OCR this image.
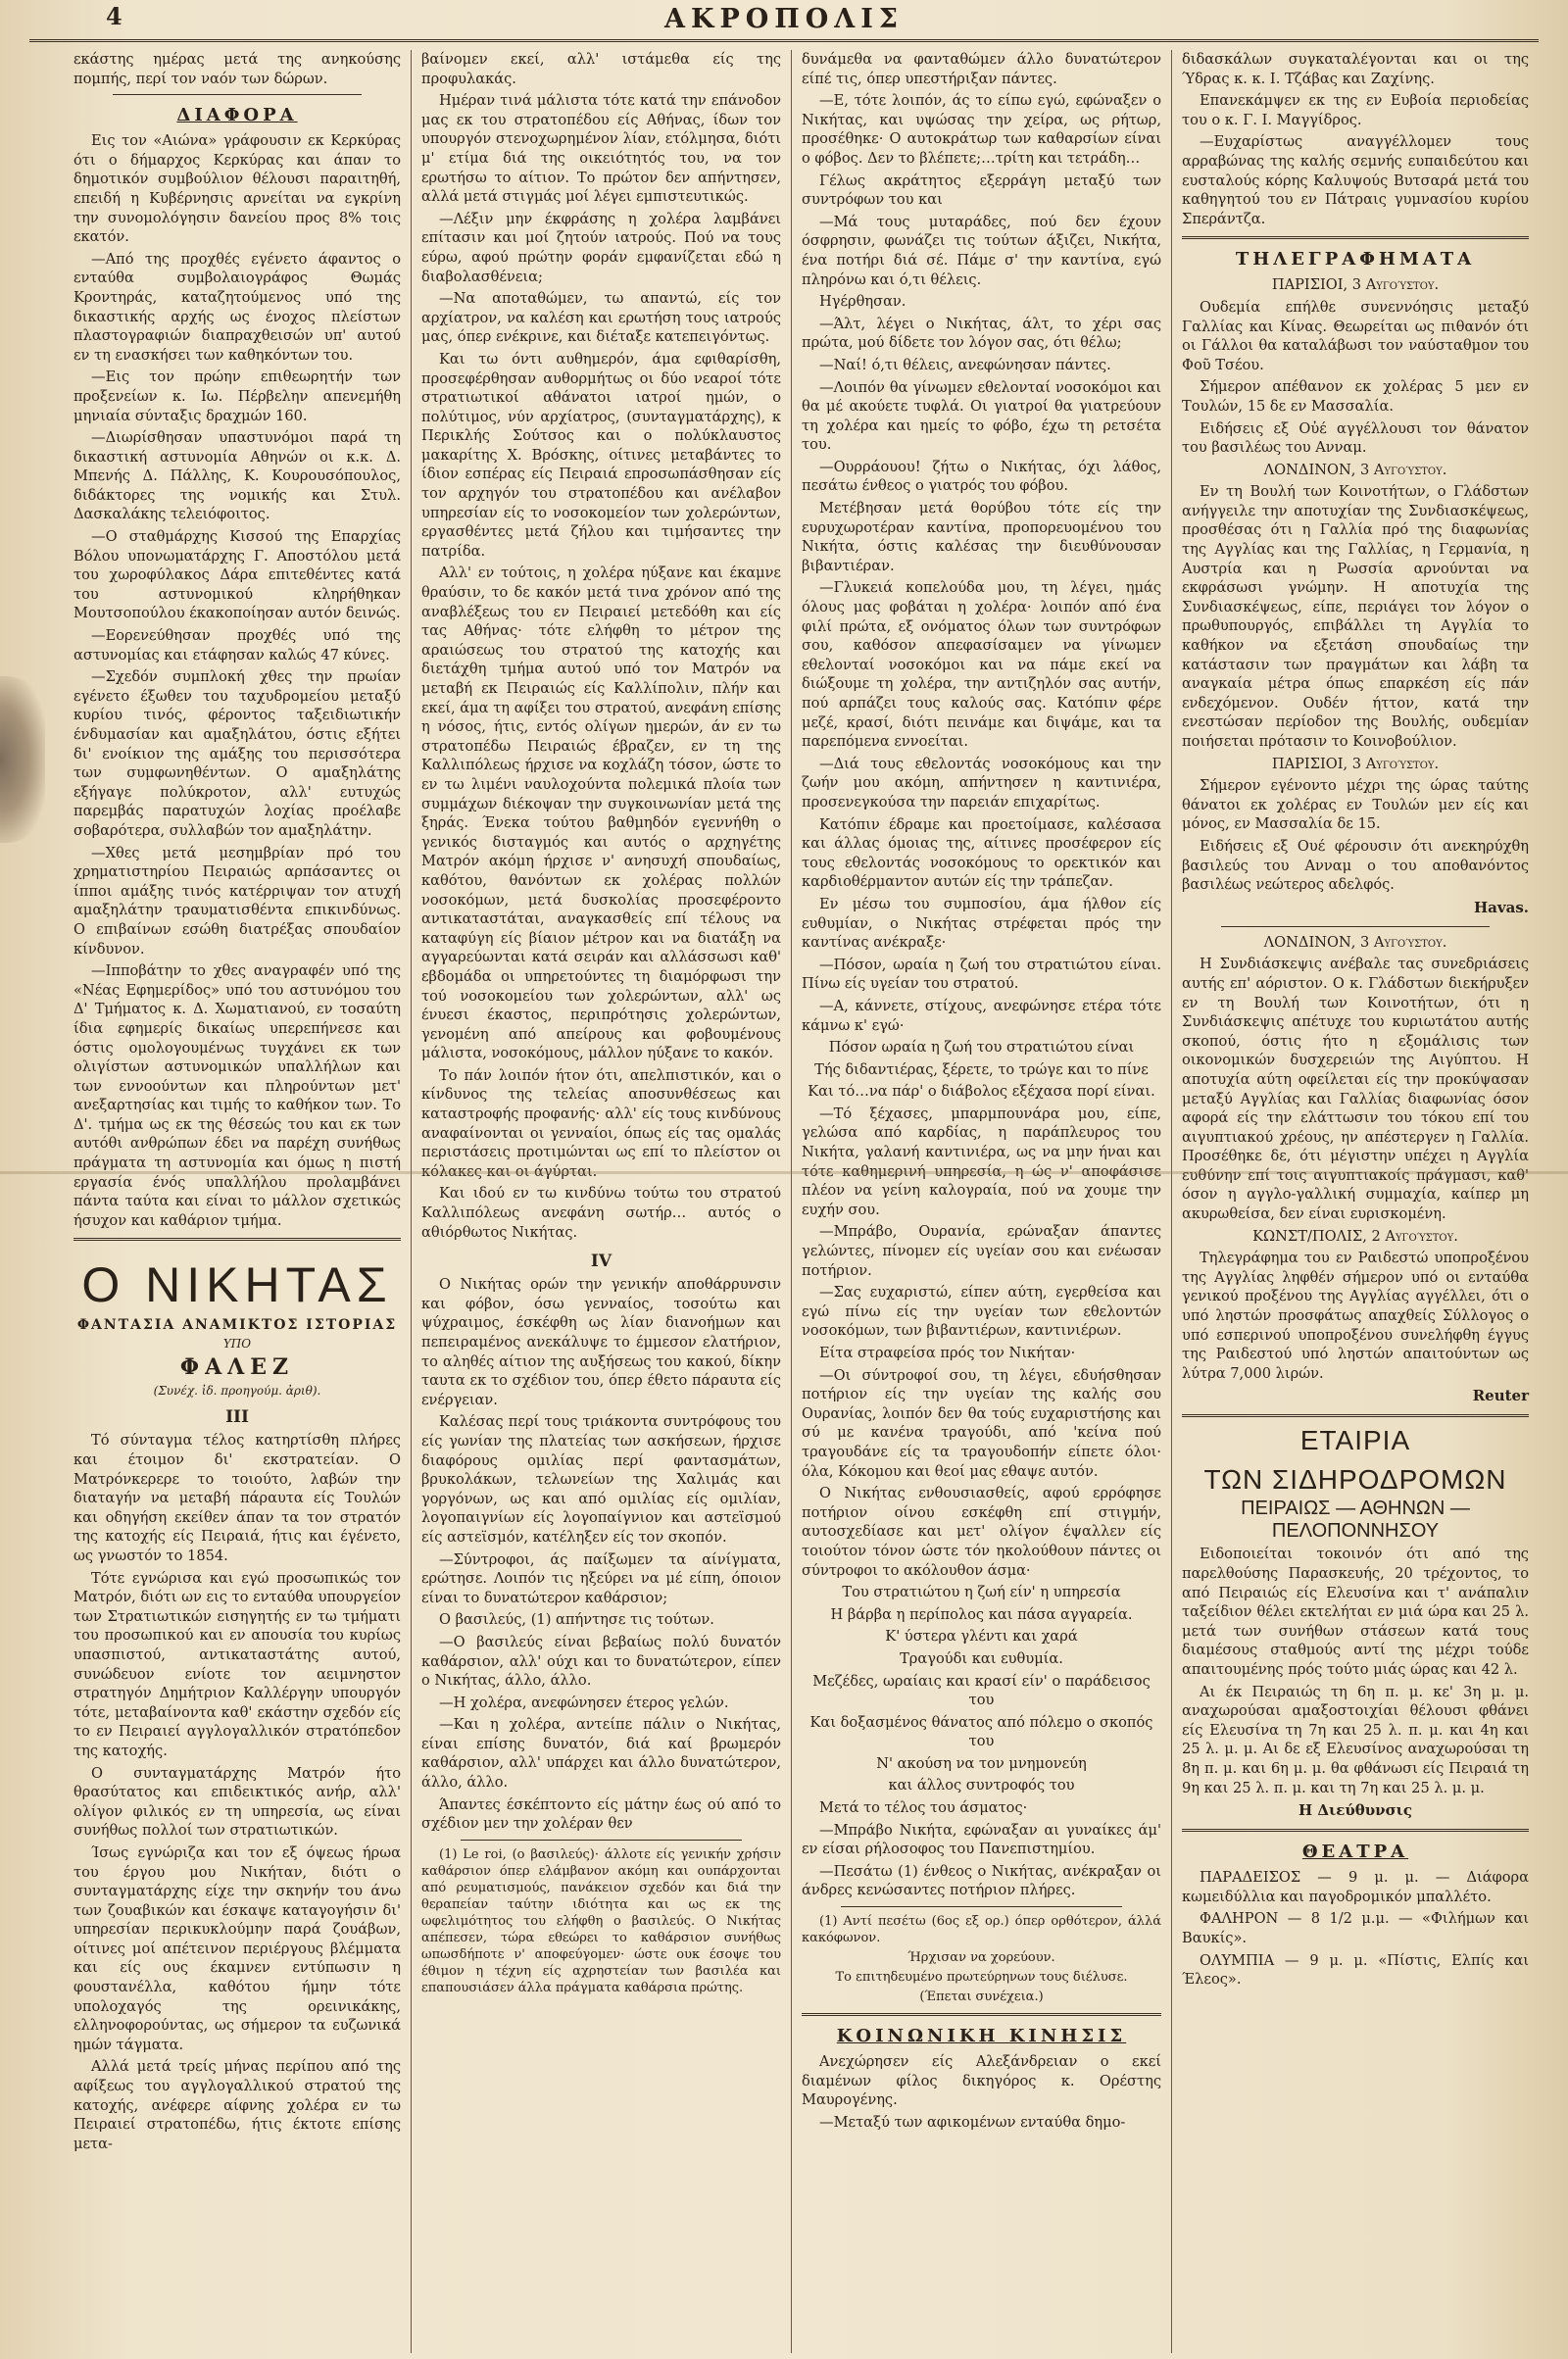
4	ΑΚΡΟΠΟΛΙΣ

εκάστης ημέρας μετά της ανηκούσης πομπής, περί τον ναόν των δώρων.

ΔΙΑΦΟΡΑ

Εις τον «Αιώνα» γράφουσιν εκ Κερκύρας ότι ο δήμαρχος Κερκύρας και άπαν το δημοτικόν συμβούλιον θέλουσι παραιτηθή, επειδή η Κυβέρνησις αρνείται να εγκρίνη την συνομολόγησιν δανείου προς 8% τοις εκατόν.

—Από της προχθές εγένετο άφαντος ο ενταύθα συμβολαιογράφος Θωμάς Κροντηράς, καταζητούμενος υπό της δικαστικής αρχής ως ένοχος πλείστων πλαστογραφιών διαπραχθεισών υπ' αυτού εν τη ενασκήσει των καθηκόντων του.

—Εις τον πρώην επιθεωρητήν των προξενείων κ. Ιω. Πέρβελην απενεμήθη μηνιαία σύνταξις δραχμών 160.

—Διωρίσθησαν υπαστυνόμοι παρά τη δικαστική αστυνομία Αθηνών οι κ.κ. Δ. Μπενής Δ. Πάλλης, Κ. Κουρουσόπουλος, διδάκτορες της νομικής και Στυλ. Δασκαλάκης τελειόφοιτος.

—Ο σταθμάρχης Κισσού της Επαρχίας Βόλου υπονωματάρχης Γ. Αποστόλου μετά του χωροφύλακος Δάρα επιτεθέντες κατά του αστυνομικού κληρήθηκαν Μουτσοπούλου έκακοποίησαν αυτόν δεινώς.

—Εορενεύθησαν προχθές υπό της αστυνομίας και ετάφησαν καλώς 47 κύνες.

—Σχεδόν συμπλοκή χθες την πρωίαν εγένετο έξωθεν του ταχυδρομείου μεταξύ κυρίου τινός, φέροντος ταξειδιωτικήν ένδυμασίαν και αμαξηλάτου, όστις εξήτει δι' ενοίκιον της αμάξης του περισσότερα των συμφωνηθέντων. Ο αμαξηλάτης εξήγαγε πολύκροτον, αλλ' ευτυχώς παρεμβάς παρατυχών λοχίας προέλαβε σοβαρότερα, συλλαβών τον αμαξηλάτην.

—Χθες μετά μεσημβρίαν πρό του χρηματιστηρίου Πειραιώς αρπάσαντες οι ίπποι αμάξης τινός κατέρριψαν τον ατυχή αμαξηλάτην τραυματισθέντα επικινδύνως. Ο επιβαίνων εσώθη διατρέξας σπουδαίον κίνδυνον.

—Ιπποβάτην το χθες αναγραφέν υπό της «Νέας Εφημερίδος» υπό του αστυνόμου του Δ' Τμήματος κ. Δ. Χωματιανού, εν τοσαύτη ίδια εφημερίς δικαίως υπερεπήνεσε και όστις ομολογουμένως τυγχάνει εκ των ολιγίστων αστυνομικών υπαλλήλων και των εννοούντων και πληρούντων μετ' ανεξαρτησίας και τιμής το καθήκον των. Το Δ'. τμήμα ως εκ της θέσεώς του και εκ των αυτόθι ανθρώπων έδει να παρέχη συνήθως πράγματα τη αστυνομία και όμως η πιστή εργασία ένός υπαλλήλου προλαμβάνει πάντα ταύτα και είναι το μάλλον σχετικώς ήσυχον και καθάριον τμήμα.

Ο ΝΙΚΗΤΑΣ
ΦΑΝΤΑΣΙΑ ΑΝΑΜΙΚΤΟΣ ΙΣΤΟΡΙΑΣ
ΥΠΟ
ΦΑΛΕΖ
(Συνέχ. ἰδ. προηγούμ. ἀριθ).
III

Τό σύνταγμα τέλος κατηρτίσθη πλήρες και έτοιμον δι' εκστρατείαν. Ο Ματρόνκερερε το τοιούτο, λαβών την διαταγήν να μεταβή πάραυτα είς Τουλών και οδηγήση εκείθεν άπαν τα τον στρατόν της κατοχής είς Πειραιά, ήτις και έγένετο, ως γνωστόν το 1854.

Τότε εγνώρισα και εγώ προσωπικώς τον Ματρόν, διότι ων εις το ενταύθα υπουργείον των Στρατιωτικών εισηγητής εν τω τμήματι του προσωπικού και εν απουσία του κυρίως υπασπιστού, αντικαταστάτης αυτού, συνώδευον ενίοτε τον αειμνηστον στρατηγόν Δημήτριον Καλλέργην υπουργόν τότε, μεταβαίνοντα καθ' εκάστην σχεδόν είς το εν Πειραιεί αγγλογαλλικόν στρατόπεδον της κατοχής.

Ο συνταγματάρχης Ματρόν ήτο θρασύτατος και επιδεικτικός ανήρ, αλλ' ολίγον φιλικός εν τη υπηρεσία, ως είναι συνήθως πολλοί των στρατιωτικών.

Ίσως εγνώριζα και τον εξ όψεως ήρωα του έργου μου Νικήταν, διότι ο συνταγματάρχης είχε την σκηνήν του άνω των ζουαβικών και έσκαψε καταγογήσιν δι' υπηρεσίαν περικυκλούμην παρά ζουάβων, οίτινες μοί απέτεινον περιέργους βλέμματα και είς ους έκαμνεν εντύπωσιν η φουστανέλλα, καθότου ήμην τότε υπολοχαγός της ορεινικάκης, ελληνοφορούντας, ως σήμερον τα ευζωνικά ημών τάγματα.

Αλλά μετά τρείς μήνας περίπου από της αφίξεως του αγγλογαλλικού στρατού της κατοχής, ανέφερε αίφνης χολέρα εν τω Πειραιεί στρατοπέδω, ήτις έκτοτε επίσης μετα-

βαίνομεν εκεί, αλλ' ιστάμεθα είς της προφυλακάς.

Ημέραν τινά μάλιστα τότε κατά την επάνοδον μας εκ του στρατοπέδου είς Αθήνας, ίδων τον υπουργόν στενοχωρημένον λίαν, ετόλμησα, διότι μ' ετίμα διά της οικειότητός του, να τον ερωτήσω το αίτιον. Το πρώτον δεν απήντησεν, αλλά μετά στιγμάς μοί λέγει εμπιστευτικώς.

—Λέξιν μην έκφράσης η χολέρα λαμβάνει επίτασιν και μοί ζητούν ιατρούς. Πού να τους εύρω, αφού πρώτην φοράν εμφανίζεται εδώ η διαβολασθένεια;

—Να αποταθώμεν, τω απαντώ, είς τον αρχίατρον, να καλέση και ερωτήση τους ιατρούς μας, όπερ ενέκρινε, και διέταξε κατεπειγόντως.

Και τω όντι αυθημερόν, άμα εφιθαρίσθη, προσεφέρθησαν αυθορμήτως οι δύο νεαροί τότε στρατιωτικοί αθάνατοι ιατροί ημών, ο πολύτιμος, νύν αρχίατρος, (συνταγματάρχης), κ Περικλής Σούτσος και ο πολύκλαυστος μακαρίτης Χ. Βρόσκης, οίτινες μεταβάντες το ίδιον εσπέρας είς Πειραιά επροσωπάσθησαν είς τον αρχηγόν του στρατοπέδου και ανέλαβον υπηρεσίαν είς το νοσοκομείον των χολερώντων, εργασθέντες μετά ζήλου και τιμήσαντες την πατρίδα.

Αλλ' εν τούτοις, η χολέρα ηύξανε και έκαμνε θραύσιν, το δε κακόν μετά τινα χρόνον από της αναβλέξεως του εν Πειραιεί μετεδόθη και είς τας Αθήνας· τότε ελήφθη το μέτρον της αραιώσεως του στρατού της κατοχής και διετάχθη τμήμα αυτού υπό τον Ματρόν να μεταβή εκ Πειραιώς είς Καλλίπολιν, πλήν και εκεί, άμα τη αφίξει του στρατού, ανεφάνη επίσης η νόσος, ήτις, εντός ολίγων ημερών, άν εν τω στρατοπέδω Πειραιώς έβραζεν, εν τη της Καλλιπόλεως ήρχισε να κοχλάζη τόσον, ώστε το εν τω λιμένι ναυλοχούντα πολεμικά πλοία των συμμάχων διέκοψαν την συγκοινωνίαν μετά της ξηράς. Ένεκα τούτου βαθμηδόν εγεννήθη ο γενικός δισταγμός και αυτός ο αρχηγέτης Ματρόν ακόμη ήρχισε ν' ανησυχή σπουδαίως, καθότου, θανόντων εκ χολέρας πολλών νοσοκόμων, μετά δυσκολίας προσεφέροντο αντικαταστάται, αναγκασθείς επί τέλους να καταφύγη είς βίαιον μέτρον και να διατάξη να αγγαρεύωνται κατά σειράν και αλλάσσωσι καθ' εβδομάδα οι υπηρετούντες τη διαμόρφωσι την τού νοσοκομείου των χολερώντων, αλλ' ως ένυεσι έκαστος, περιπρότησις χολερώντων, γενομένη από απείρους και φοβουμένους μάλιστα, νοσοκόμους, μάλλον ηύξανε το κακόν.

Το πάν λοιπόν ήτον ότι, απελπιστικόν, και ο κίνδυνος της τελείας αποσυνθέσεως και καταστροφής προφανής· αλλ' είς τους κινδύνους αναφαίνονται οι γενναίοι, όπως είς τας ομαλάς περιστάσεις προτιμώνται ως επί το πλείστον οι κόλακες και οι άγύρται.

Και ιδού εν τω κινδύνω τούτω του στρατού Καλλιπόλεως ανεφάνη σωτήρ… αυτός ο αθιόρθωτος Νικήτας.

IV

Ο Νικήτας ορών την γενικήν αποθάρρυνσιν και φόβον, όσω γενναίος, τοσούτω και ψύχραιμος, έσκέφθη ως λίαν διανοήμων και πεπειραμένος ανεκάλυψε το έμμεσον ελατήριον, το αληθές αίτιον της αυξήσεως του κακού, δίκην ταυτα εκ το σχέδιον του, όπερ έθετο πάραυτα είς ενέργειαν.

Καλέσας περί τους τριάκοντα συντρόφους του είς γωνίαν της πλατείας των ασκήσεων, ήρχισε διαφόρους ομιλίας περί φαντασμάτων, βρυκολάκων, τελωνείων της Χαλιμάς και γοργόνων, ως και από ομιλίας είς ομιλίαν, λογοπαιγνίων είς λογοπαίγνιον και αστεϊσμού είς αστεϊσμόν, κατέληξεν είς τον σκοπόν.

—Σύντροφοι, άς παίξωμεν τα αίνίγματα, ερώτησε. Λοιπόν τις ηξεύρει να μέ είπη, όποιον είναι το δυνατώτερον καθάρσιον;

Ο βασιλεύς, (1) απήντησε τις τούτων.

—Ο βασιλεύς είναι βεβαίως πολύ δυνατόν καθάρσιον, αλλ' ούχι και το δυνατώτερον, είπεν ο Νικήτας, άλλο, άλλο.

—Η χολέρα, ανεφώνησεν έτερος γελών.

—Και η χολέρα, αντείπε πάλιν ο Νικήτας, είναι επίσης δυνατόν, διά καί βρωμερόν καθάρσιον, αλλ' υπάρχει και άλλο δυνατώτερον, άλλο, άλλο.

Άπαντες έσκέπτοντο είς μάτην έως ού από το σχέδιον μεν την χολέραν θεν

(1) Le roi, (ο βασιλεύς)· άλλοτε είς γενικήν χρήσιν καθάρσιον όπερ ελάμβανον ακόμη και ουπάρχονται από ρευματισμούς, πανάκειον σχεδόν και διά την θεραπείαν ταύτην ιδιότητα και ως εκ της ωφελιμότητος του ελήφθη ο βασιλεύς. Ο Νικήτας απέπεσεν, τώρα εθεώρει το καθάρσιον συνήθως ωπωσδήποτε ν' αποφεύγομεν· ώστε ουκ έσοψε του έθιμον η τέχνη είς αχρηστείαν των βασιλέα και επαπουσιάσεν άλλα πράγματα καθάρσια πρώτης.

δυνάμεθα να φανταθώμεν άλλο δυνατώτερον είπέ τις, όπερ υπεστήριξαν πάντες.

—Ε, τότε λοιπόν, άς το είπω εγώ, εφώναξεν ο Νικήτας, και υψώσας την χείρα, ως ρήτωρ, προσέθηκε· Ο αυτοκράτωρ των καθαρσίων είναι ο φόβος. Δεν το βλέπετε;…τρίτη και τετράδη…

Γέλως ακράτητος εξερράγη μεταξύ των συντρόφων του και

—Μά τους μυταράδες, πού δεν έχουν όσφρησιν, φωνάζει τις τούτων άξιζει, Νικήτα, ένα ποτήρι διά σέ. Πάμε σ' την καντίνα, εγώ πληρόνω και ό,τι θέλεις.

Ηγέρθησαν.

—Άλτ, λέγει ο Νικήτας, άλτ, το χέρι σας πρώτα, μού δίδετε τον λόγον σας, ότι θέλω;

—Ναί! ό,τι θέλεις, ανεφώνησαν πάντες.

—Λοιπόν θα γίνωμεν εθελονταί νοσοκόμοι και θα μέ ακούετε τυφλά. Οι γιατροί θα γιατρεύουν τη χολέρα και ημείς το φόβο, έχω τη ρετσέτα του.

—Ουρράουου! ζήτω ο Νικήτας, όχι λάθος, πεσάτω ένθεος ο γιατρός του φόβου.

Μετέβησαν μετά θορύβου τότε είς την ευρυχωροτέραν καντίνα, προπορευομένου του Νικήτα, όστις καλέσας την διευθύνουσαν βιβαντιέραν.

—Γλυκειά κοπελούδα μου, τη λέγει, ημάς όλους μας φοβάται η χολέρα· λοιπόν από ένα φιλί πρώτα, εξ ονόματος όλων των συντρόφων σου, καθόσον απεφασίσαμεν να γίνωμεν εθελονταί νοσοκόμοι και να πάμε εκεί να διώξουμε τη χολέρα, την αντιζηλόν σας αυτήν, πού αρπάζει τους καλούς σας. Κατόπιν φέρε μεζέ, κρασί, διότι πεινάμε και διψάμε, και τα παρεπόμενα εννοείται.

—Διά τους εθελοντάς νοσοκόμους και την ζωήν μου ακόμη, απήντησεν η καντινιέρα, προσενεγκούσα την παρειάν επιχαρίτως.

Κατόπιν έδραμε και προετοίμασε, καλέσασα και άλλας όμοιας της, αίτινες προσέφερον είς τους εθελοντάς νοσοκόμους το ορεκτικόν και καρδιοθέρμαντον αυτών είς την τράπεζαν.

Εν μέσω του συμποσίου, άμα ήλθον είς ευθυμίαν, ο Νικήτας στρέφεται πρός την καντίνας ανέκραξε·

—Πόσον, ωραία η ζωή του στρατιώτου είναι. Πίνω είς υγείαν του στρατού.

—Α, κάννετε, στίχους, ανεφώνησε ετέρα τότε κάμνω κ' εγώ·

Πόσον ωραία η ζωή του στρατιώτου είναι

Τής διδαντιέρας, ξέρετε, το τρώγε και το πίνε

Και τό…να πάρ' ο διάβολος εξέχασα πορί είναι.

—Τό ξέχασες, μπαρμπουνάρα μου, είπε, γελώσα από καρδίας, η παράπλευρος του Νικήτα, γαλανή καντινιέρα, ως να μην ήναι και τότε καθημερινή υπηρεσία, η ώς ν' αποφάσισε πλέον να γείνη καλογραία, πού να χουμε την ευχήν σου.

—Μπράβο, Ουρανία, ερώναξαν άπαντες γελώντες, πίνομεν είς υγείαν σου και ενέωσαν ποτήριον.

—Σας ευχαριστώ, είπεν αύτη, εγερθείσα και εγώ πίνω είς την υγείαν των εθελοντών νοσοκόμων, των βιβαντιέρων, καντινιέρων.

Είτα στραφείσα πρός τον Νικήταν·

—Οι σύντροφοί σου, τη λέγει, εδυήσθησαν ποτήριον είς την υγείαν της καλής σου Ουρανίας, λοιπόν δεν θα τούς ευχαριστήσης και σύ με κανένα τραγούδι, από 'κείνα πού τραγουδάνε είς τα τραγουδοπήν είπετε όλοι· όλα, Κόκομου και θεοί μας εθαψε αυτόν.

Ο Νικήτας ενθουσιασθείς, αφού ερρόφησε ποτήριον οίνου εσκέφθη επί στιγμήν, αυτοσχεδίασε και μετ' ολίγον έψαλλεν είς τοιούτον τόνον ώστε τόν ηκολούθουν πάντες οι σύντροφοι το ακόλουθον άσμα·

Του στρατιώτου η ζωή είν' η υπηρεσία

Η βάρβα η περίπολος και πάσα αγγαρεία.

Κ' ύστερα γλέντι και χαρά

Τραγούδι και ευθυμία.

Μεζέδες, ωραίαις και κρασί είν' ο παράδεισος του

Και δοξασμένος θάνατος από πόλεμο ο σκοπός του

Ν' ακούση να τον μνημονεύη

και άλλος συντροφός του

Μετά το τέλος του άσματος·

—Μπράβο Νικήτα, εφώναξαν αι γυναίκες άμ' εν είσαι ρήλοσοφος του Πανεπιστημίου.

—Πεσάτω (1) ένθεος ο Νικήτας, ανέκραξαν οι άνδρες κενώσαντες ποτήριον πλήρες.

(1) Αντί πεσέτω (6ος εξ ορ.) όπερ ορθότερον, άλλά κακόφωνον.

Ήρχισαν να χορεύουν.

Το επιτηδευμένο πρωτεύρηνων τους διέλυσε.

(Έπεται συνέχεια.)

ΚΟΙΝΩΝΙΚΗ ΚΙΝΗΣΙΣ

Ανεχώρησεν είς Αλεξάνδρειαν ο εκεί διαμένων φίλος δικηγόρος κ. Ορέστης Μαυρογένης.

—Μεταξύ των αφικομένων ενταύθα δημο-

διδασκάλων συγκαταλέγονται και οι της Ύδρας κ. κ. Ι. Τζάβας και Ζαχίνης.

Επανεκάμψεν εκ της εν Ευβοία περιοδείας του ο κ. Γ. Ι. Μαγγίδρος.

—Ευχαρίστως αναγγέλλομεν τους αρραβώνας της καλής σεμνής ευπαιδεύτου και ευσταλούς κόρης Καλυψούς Βυτσαρά μετά του καθηγητού του εν Πάτραις γυμνασίου κυρίου Σπεράντζα.

ΤΗΛΕΓΡΑΦΗΜΑΤΑ

ΠΑΡΙΣΙΟΙ, 3 Αυγούστου.

Ουδεμία επήλθε συνεννόησις μεταξύ Γαλλίας και Κίνας. Θεωρείται ως πιθανόν ότι οι Γάλλοι θα καταλάβωσι τον ναύσταθμον του Φοῦ Τσέου.

Σήμερον απέθανον εκ χολέρας 5 μεν εν Τουλών, 15 δε εν Μασσαλία.

Ειδήσεις εξ Οὐέ αγγέλλουσι τον θάνατον του βασιλέως του Ανναμ.

ΛΟΝΔΙΝΟΝ, 3 Αυγούστου.

Εν τη Βουλή των Κοινοτήτων, ο Γλάδστων ανήγγειλε την αποτυχίαν της Συνδιασκέψεως, προσθέσας ότι η Γαλλία πρό της διαφωνίας της Αγγλίας και της Γαλλίας, η Γερμανία, η Αυστρία και η Ρωσσία αρνούνται να εκφράσωσι γνώμην. Η αποτυχία της Συνδιασκέψεως, είπε, περιάγει τον λόγον ο πρωθυπουργός, επιβάλλει τη Αγγλία το καθήκον να εξετάση σπουδαίως την κατάστασιν των πραγμάτων και λάβη τα αναγκαία μέτρα όπως επαρκέση είς πάν ενδεχόμενον. Ουδέν ήττον, κατά την ενεστώσαν περίοδον της Βουλής, ουδεμίαν ποιήσεται πρότασιν το Κοινοβούλιον.

ΠΑΡΙΣΙΟΙ, 3 Αυγούστου.

Σήμερον εγένοντο μέχρι της ώρας ταύτης θάνατοι εκ χολέρας εν Τουλών μεν είς και μόνος, εν Μασσαλία δε 15.

Ειδήσεις εξ Ουέ φέρουσιν ότι ανεκηρύχθη βασιλεύς του Ανναμ ο του αποθανόντος βασιλέως νεώτερος αδελφός.

Havas.

ΛΟΝΔΙΝΟΝ, 3 Αυγούστου.

Η Συνδιάσκεψις ανέβαλε τας συνεδριάσεις αυτής επ' αόριστον. Ο κ. Γλάδστων διεκήρυξεν εν τη Βουλή των Κοινοτήτων, ότι η Συνδιάσκεψις απέτυχε του κυριωτάτου αυτής σκοπού, όστις ήτο η εξομάλισις των οικονομικών δυσχερειών της Αιγύπτου. Η αποτυχία αύτη οφείλεται είς την προκύψασαν μεταξύ Αγγλίας και Γαλλίας διαφωνίας όσον αφορά είς την ελάττωσιν του τόκου επί του αιγυπτιακού χρέους, ην απέστεργεν η Γαλλία. Προσέθηκε δε, ότι μέγιστην υπέχει η Αγγλία ευθύνην επί τοις αιγυπτιακοίς πράγμασι, καθ' όσον η αγγλο-γαλλική συμμαχία, καίπερ μη ακυρωθείσα, δεν είναι ευρισκομένη.

ΚΩΝΣΤ/ΠΟΛΙΣ, 2 Αυγούστου.

Τηλεγράφημα του εν Ραιδεστώ υποπροξένου της Αγγλίας ληφθέν σήμερον υπό οι ενταύθα γενικού προξένου της Αγγλίας αγγέλλει, ότι ο υπό ληστών προσφάτως απαχθείς Σύλλογος ο υπό εσπερινού υποπροξένου συνελήφθη έγγυς της Ραιδεστού υπό ληστών απαιτούντων ως λύτρα 7,000 λιρών.

Reuter
ΕΤΑΙΡΙΑ
ΤΩΝ ΣΙΔΗΡΟΔΡΟΜΩΝ
ΠΕΙΡΑΙΩΣ — ΑΘΗΝΩΝ — ΠΕΛΟΠΟΝΝΗΣΟΥ

Ειδοποιείται τοκοινόν ότι από της παρελθούσης Παρασκευής, 20 τρέχοντος, το από Πειραιώς είς Ελευσίνα και τ' ανάπαλιν ταξείδιον θέλει εκτελήται εν μιά ώρα και 25 λ. μετά των συνήθων στάσεων κατά τους διαμέσους σταθμούς αντί της μέχρι τούδε απαιτουμένης πρός τούτο μιάς ώρας και 42 λ.

Αι έκ Πειραιώς τη 6η π. μ. κε' 3η μ. μ. αναχωρούσαι αμαξοστοιχίαι θέλουσι φθάνει είς Ελευσίνα τη 7η και 25 λ. π. μ. και 4η και 25 λ. μ. μ. Αι δε εξ Ελευσίνος αναχωρούσαι τη 8η π. μ. και 6η μ. μ. θα φθάνωσι είς Πειραιά τη 9η και 25 λ. π. μ. και τη 7η και 25 λ. μ. μ.

Η Διεύθυνσις
ΘΕΑΤΡΑ

ΠΑΡΑΔΕΙΣΟΣ — 9 μ. μ. — Διάφορα κωμειδύλλια και παγοδρομικόν μπαλλέτο.

ΦΑΛΗΡΟΝ — 8 1/2 μ.μ. — «Φιλήμων και Βαυκίς».

ΟΛΥΜΠΙΑ — 9 μ. μ. «Πίστις, Ελπίς και Έλεος».
